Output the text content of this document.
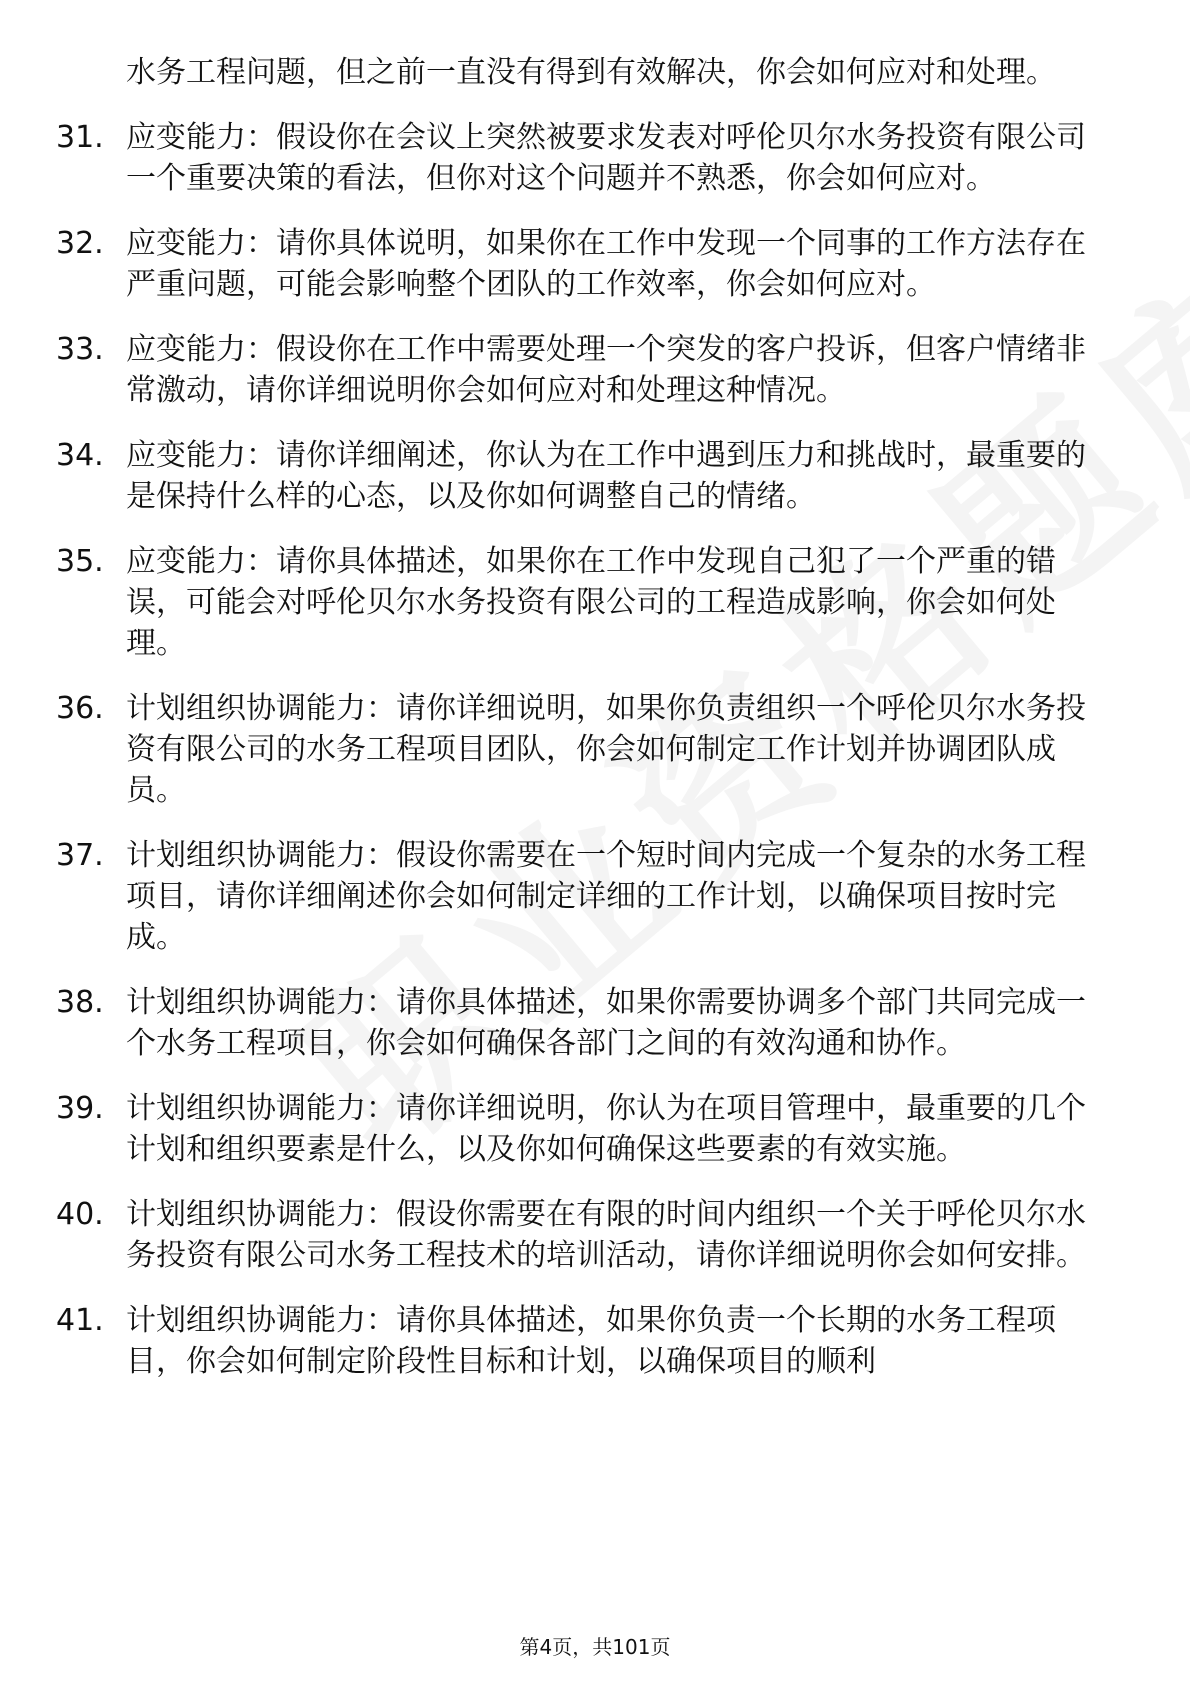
水务工程问题，但之前一直没有得到有效解决，你会如何应对和处理。

31. 应变能力：假设你在会议上突然被要求发表对呼伦贝尔水务投资有限公司一个重要决策的看法，但你对这个问题并不熟悉，你会如何应对。
32. 应变能力：请你具体说明，如果你在工作中发现一个同事的工作方法存在严重问题，可能会影响整个团队的工作效率，你会如何应对。
33. 应变能力：假设你在工作中需要处理一个突发的客户投诉，但客户情绪非常激动，请你详细说明你会如何应对和处理这种情况。
34. 应变能力：请你详细阐述，你认为在工作中遇到压力和挑战时，最重要的是保持什么样的心态，以及你如何调整自己的情绪。
35. 应变能力：请你具体描述，如果你在工作中发现自己犯了一个严重的错误，可能会对呼伦贝尔水务投资有限公司的工程造成影响，你会如何处理。
36. 计划组织协调能力：请你详细说明，如果你负责组织一个呼伦贝尔水务投资有限公司的水务工程项目团队，你会如何制定工作计划并协调团队成员。
37. 计划组织协调能力：假设你需要在一个短时间内完成一个复杂的水务工程项目，请你详细阐述你会如何制定详细的工作计划，以确保项目按时完成。
38. 计划组织协调能力：请你具体描述，如果你需要协调多个部门共同完成一个水务工程项目，你会如何确保各部门之间的有效沟通和协作。
39. 计划组织协调能力：请你详细说明，你认为在项目管理中，最重要的几个计划和组织要素是什么，以及你如何确保这些要素的有效实施。
40. 计划组织协调能力：假设你需要在有限的时间内组织一个关于呼伦贝尔水务投资有限公司水务工程技术的培训活动，请你详细说明你会如何安排。
41. 计划组织协调能力：请你具体描述，如果你负责一个长期的水务工程项目，你会如何制定阶段性目标和计划，以确保项目的顺利
第4页，共101页
